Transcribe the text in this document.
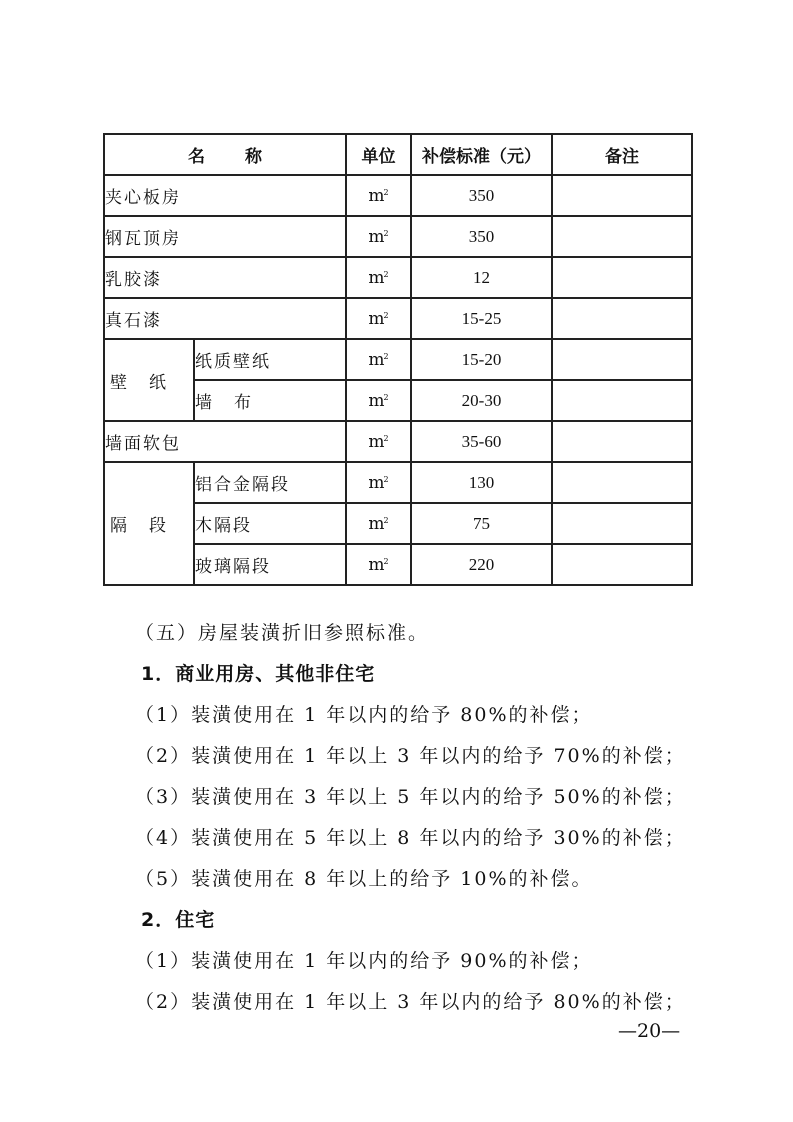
名称		单位	补偿标准（元）	备注
夹心板房		$m^2$	350	
钢瓦顶房		$m^2$	350	
乳胶漆		$m^2$	12	
真石漆		$m^2$	15-25	
壁纸	纸质壁纸	$m^2$	15-20	
	墙布	$m^2$	20-30	
墙面软包		$m^2$	35-60	
隔段	铝合金隔段	$m^2$	130	
	木隔段	$m^2$	75	
	玻璃隔段	$m^2$	220	
（五）房屋装潢折旧参照标准。
1．商业用房、其他非住宅
（1）装潢使用在 1 年以内的给予 80%的补偿；
（2）装潢使用在 1 年以上 3 年以内的给予 70%的补偿；
（3）装潢使用在 3 年以上 5 年以内的给予 50%的补偿；
（4）装潢使用在 5 年以上 8 年以内的给予 30%的补偿；
（5）装潢使用在 8 年以上的给予 10%的补偿。
2．住宅
（1）装潢使用在 1 年以内的给予 90%的补偿；
（2）装潢使用在 1 年以上 3 年以内的给予 80%的补偿；
—20—
